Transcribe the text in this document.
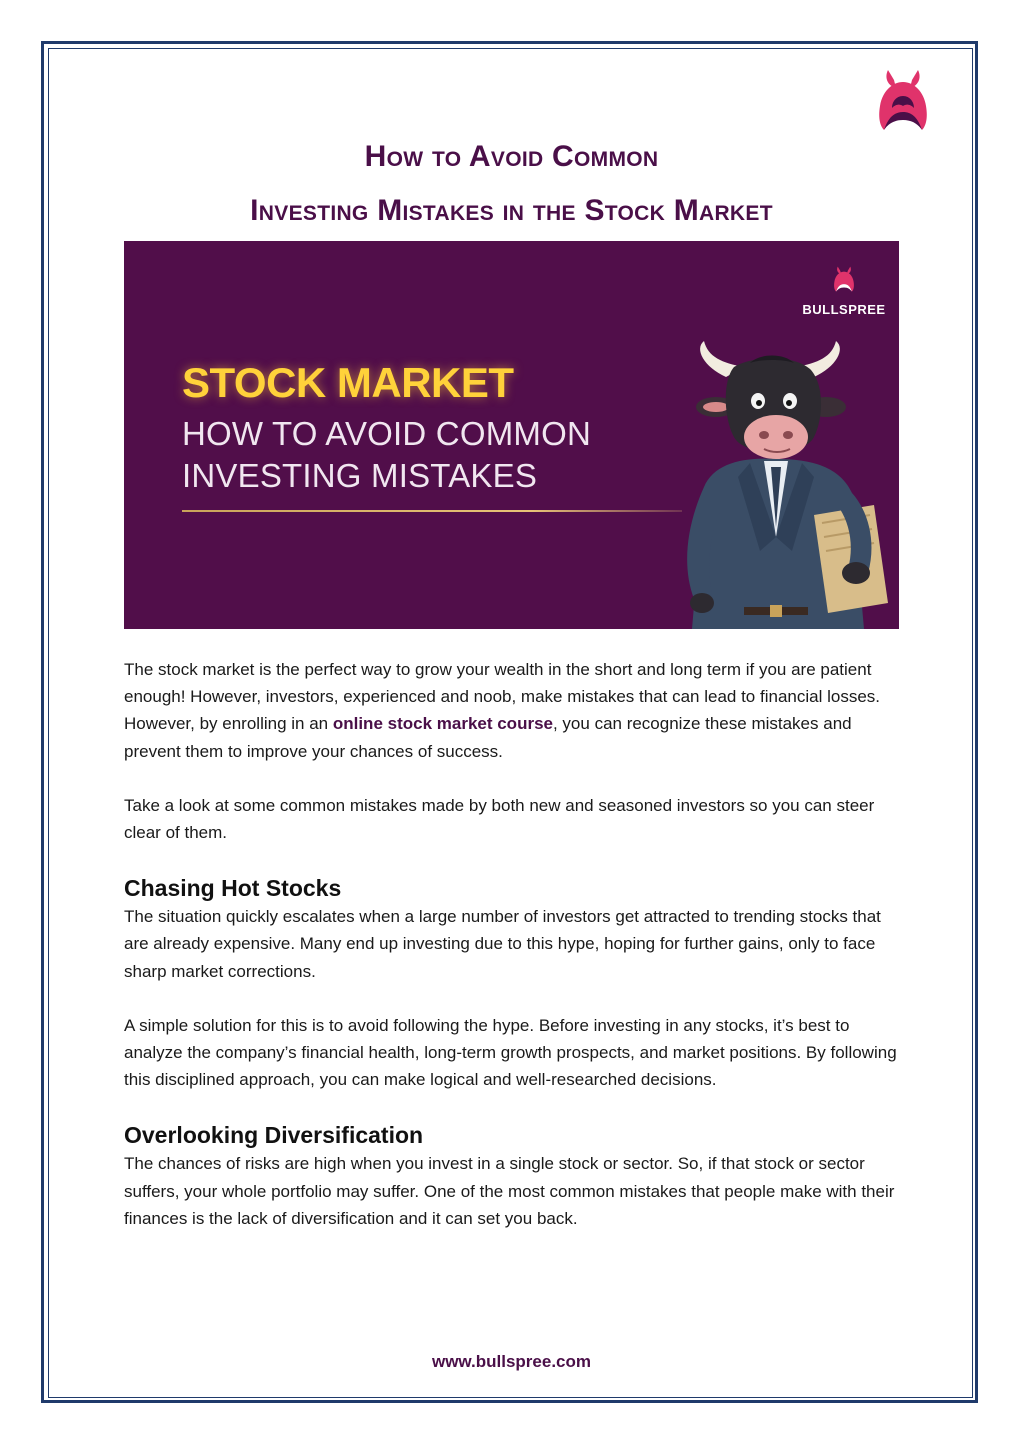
How to Avoid Common
Investing Mistakes in the Stock Market
BULLSPREE
STOCK MARKET
HOW TO AVOID COMMON
INVESTING MISTAKES

The stock market is the perfect way to grow your wealth in the short and long term if you are patient enough! However, investors, experienced and noob, make mistakes that can lead to financial losses. However, by enrolling in an online stock market course, you can recognize these mistakes and prevent them to improve your chances of success.

Take a look at some common mistakes made by both new and seasoned investors so you can steer clear of them.

Chasing Hot Stocks

The situation quickly escalates when a large number of investors get attracted to trending stocks that are already expensive. Many end up investing due to this hype, hoping for further gains, only to face sharp market corrections.

A simple solution for this is to avoid following the hype. Before investing in any stocks, it’s best to analyze the company’s financial health, long-term growth prospects, and market positions. By following this disciplined approach, you can make logical and well-researched decisions.

Overlooking Diversification

The chances of risks are high when you invest in a single stock or sector. So, if that stock or sector suffers, your whole portfolio may suffer. One of the most common mistakes that people make with their finances is the lack of diversification and it can set you back.

www.bullspree.com
